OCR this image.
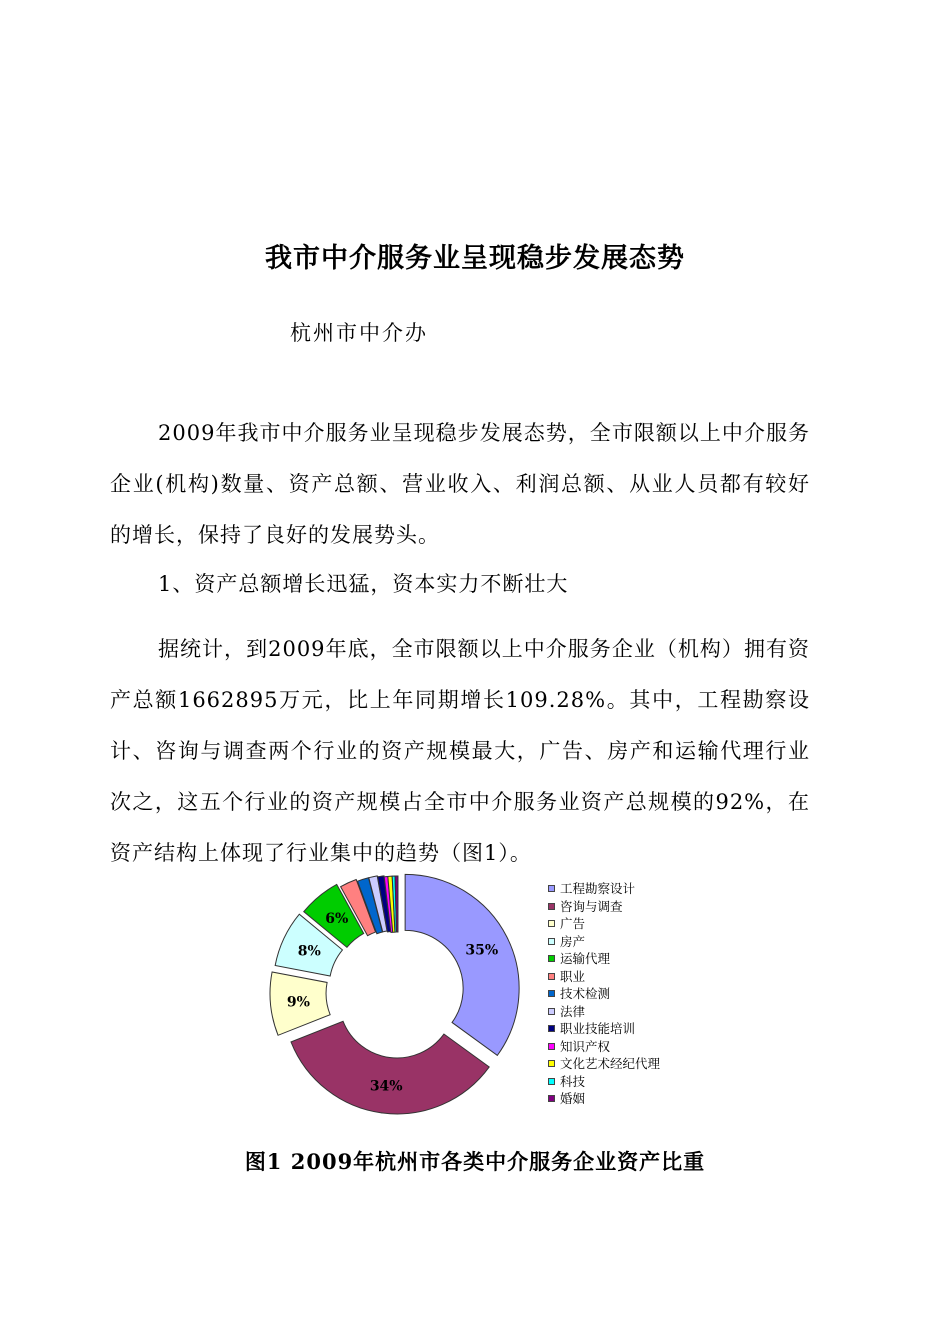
我市中介服务业呈现稳步发展态势
杭州市中介办
2009年我市中介服务业呈现稳步发展态势，全市限额以上中介服务企业(机构)数量、资产总额、营业收入、利润总额、从业人员都有较好的增长，保持了良好的发展势头。
1、资产总额增长迅猛，资本实力不断壮大
据统计，到2009年底，全市限额以上中介服务企业（机构）拥有资产总额1662895万元，比上年同期增长109.28%。其中，工程勘察设计、咨询与调查两个行业的资产规模最大，广告、房产和运输代理行业次之，这五个行业的资产规模占全市中介服务业资产总规模的92%，在资产结构上体现了行业集中的趋势（图1）。
35%
34%
9%
8%
6%
工程勘察设计
咨询与调查
广告
房产
运输代理
职业
技术检测
法律
职业技能培训
知识产权
文化艺术经纪代理
科技
婚姻
图1 2009年杭州市各类中介服务企业资产比重
